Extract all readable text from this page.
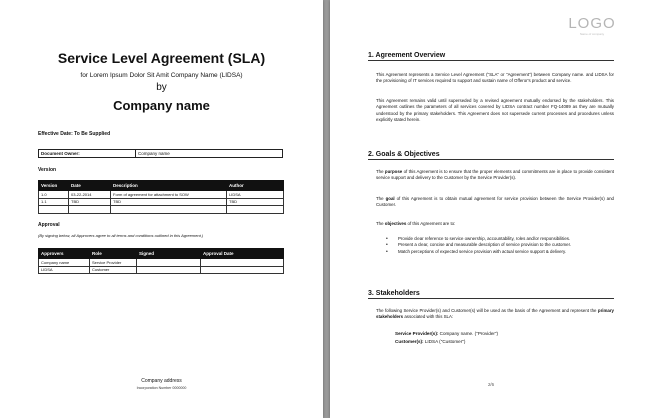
Service Level Agreement (SLA)
for Lorem Ipsum Dolor Sit Amit Company Name (LIDSA)
by
Company name
Effective Date: To Be Supplied
Document Owner:	Company name
Version
Version	Date	Description	Author
1.0	03-22-2014	Form of agreement for attachment to SOW	LIDSA
1.1	TBD	TBD	TBD

Approval
(By signing below, all Approvers agree to all terms and conditions outlined in this Agreement.)
Approvers	Role	Signed	Approval Date
Company name	Service Provider		
LIDSA	Customer		
Company address
Incorporation Number 0000000
LOGO
Name of company
1. Agreement Overview
This Agreement represents a Service Level Agreement ("SLA" or "Agreement") between Company name. and LIDSA for the provisioning of IT services required to support and sustain name of Offeror's product and service.
This Agreement remains valid until superseded by a revised agreement mutually endorsed by the stakeholders. This Agreement outlines the parameters of all services covered by LIDSA contract number FQ-14089 as they are mutually understood by the primary stakeholders. This Agreement does not supersede current processes and procedures unless explicitly stated herein.
2. Goals & Objectives
The purpose of this Agreement is to ensure that the proper elements and commitments are in place to provide consistent service support and delivery to the Customer by the Service Provider(s).
The goal of this Agreement is to obtain mutual agreement for service provision between the Service Provider(s) and Customer.
The objectives of this Agreement are to:
• Provide clear reference to service ownership, accountability, roles and/or responsibilities.
• Present a clear, concise and measurable description of service provision to the customer.
• Match perceptions of expected service provision with actual service support & delivery.
3. Stakeholders
The following Service Provider(s) and Customer(s) will be used as the basis of the Agreement and represent the primary stakeholders associated with this SLA:
Service Provider(s): Company name. ("Provider")
Customer(s): LIDSA ("Customer")
2/6
